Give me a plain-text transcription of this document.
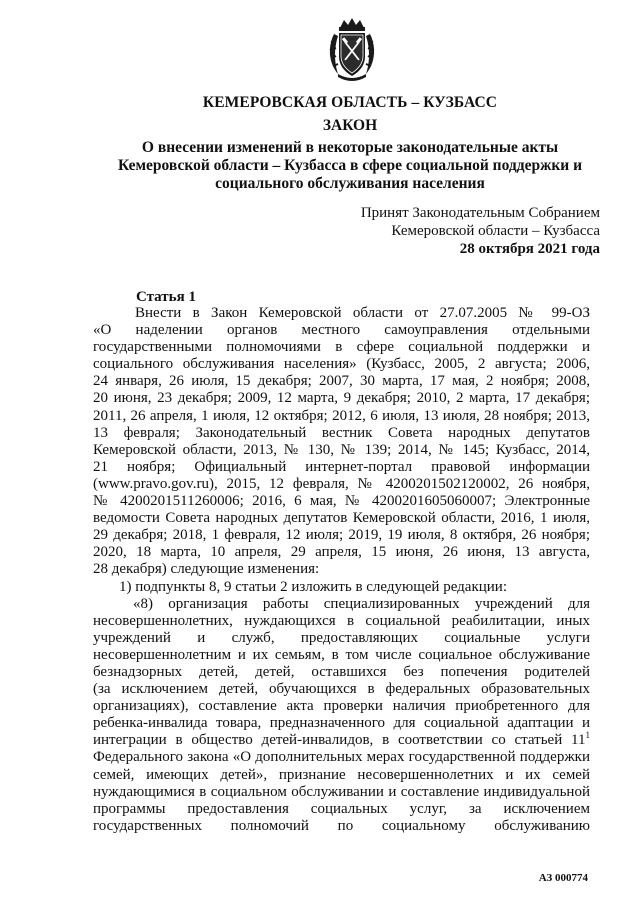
КЕМЕРОВСКАЯ ОБЛАСТЬ – КУЗБАСС
ЗАКОН
О внесении изменений в некоторые законодательные акты
Кемеровской области – Кузбасса в сфере социальной поддержки и
социального обслуживания населения
Принят Законодательным Собранием
Кемеровской области – Кузбасса
28 октября 2021 года
Статья 1
Внести в Закон Кемеровской области от 27.07.2005 № 99-ОЗ
«О наделении органов местного самоуправления отдельными
государственными полномочиями в сфере социальной поддержки и
социального обслуживания населения» (Кузбасс, 2005, 2 августа; 2006,
24 января, 26 июля, 15 декабря; 2007, 30 марта, 17 мая, 2 ноября; 2008,
20 июня, 23 декабря; 2009, 12 марта, 9 декабря; 2010, 2 марта, 17 декабря;
2011, 26 апреля, 1 июля, 12 октября; 2012, 6 июля, 13 июля, 28 ноября; 2013,
13 февраля; Законодательный вестник Совета народных депутатов
Кемеровской области, 2013, № 130, № 139; 2014, № 145; Кузбасс, 2014,
21 ноября; Официальный интернет-портал правовой информации
(www.pravo.gov.ru), 2015, 12 февраля, № 4200201502120002, 26 ноября,
№ 4200201511260006; 2016, 6 мая, № 4200201605060007; Электронные
ведомости Совета народных депутатов Кемеровской области, 2016, 1 июля,
29 декабря; 2018, 1 февраля, 12 июля; 2019, 19 июля, 8 октября, 26 ноября;
2020, 18 марта, 10 апреля, 29 апреля, 15 июня, 26 июня, 13 августа,
28 декабря) следующие изменения:
1) подпункты 8, 9 статьи 2 изложить в следующей редакции:
«8) организация работы специализированных учреждений для
несовершеннолетних, нуждающихся в социальной реабилитации, иных
учреждений и служб, предоставляющих социальные услуги
несовершеннолетним и их семьям, в том числе социальное обслуживание
безнадзорных детей, детей, оставшихся без попечения родителей
(за исключением детей, обучающихся в федеральных образовательных
организациях), составление акта проверки наличия приобретенного для
ребенка-инвалида товара, предназначенного для социальной адаптации и
интеграции в общество детей-инвалидов, в соответствии со статьей $11^1$
Федерального закона «О дополнительных мерах государственной поддержки
семей, имеющих детей», признание несовершеннолетних и их семей
нуждающимися в социальном обслуживании и составление индивидуальной
программы предоставления социальных услуг, за исключением
государственных полномочий по социальному обслуживанию
АЗ 000774
